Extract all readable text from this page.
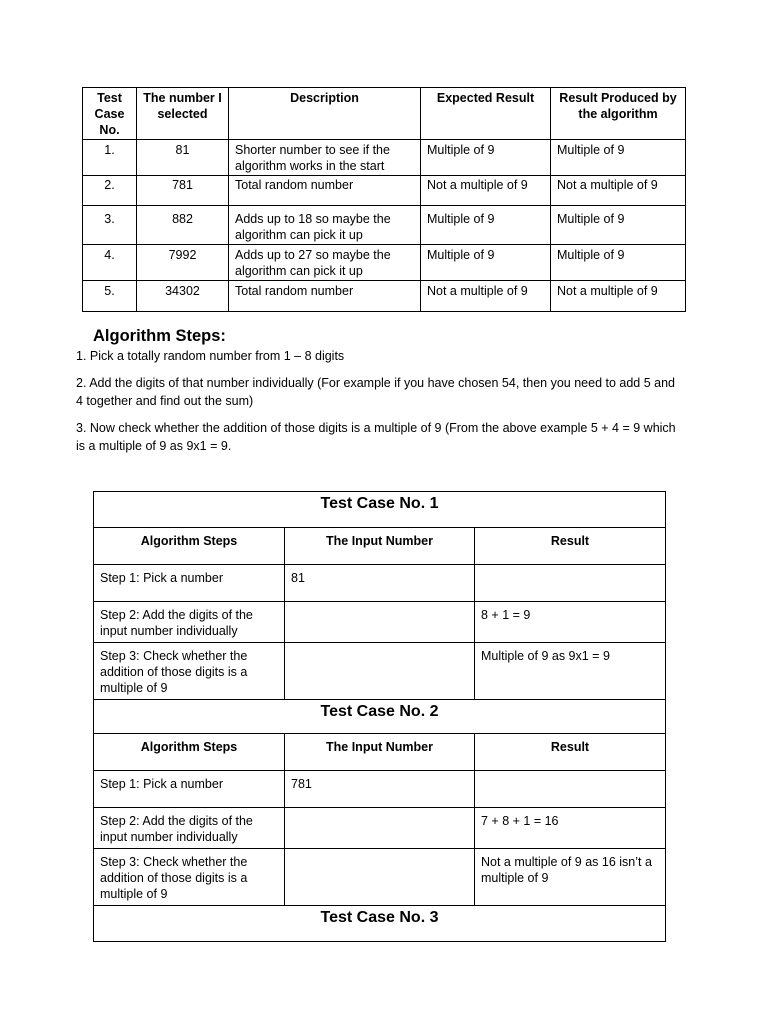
Test Case No.	The number I selected	Description	Expected Result	Result Produced by the algorithm
1.	81	Shorter number to see if the algorithm works in the start	Multiple of 9	Multiple of 9
2.	781	Total random number	Not a multiple of 9	Not a multiple of 9
3.	882	Adds up to 18 so maybe the algorithm can pick it up	Multiple of 9	Multiple of 9
4.	7992	Adds up to 27 so maybe the algorithm can pick it up	Multiple of 9	Multiple of 9
5.	34302	Total random number	Not a multiple of 9	Not a multiple of 9
Algorithm Steps:

1. Pick a totally random number from 1 – 8 digits

2. Add the digits of that number individually (For example if you have chosen 54, then you need to add 5 and 4 together and find out the sum)

3. Now check whether the addition of those digits is a multiple of 9 (From the above example 5 + 4 = 9 which is a multiple of 9 as 9x1 = 9.

Test Case No. 1		
Algorithm Steps	The Input Number	Result
Step 1: Pick a number	81	
Step 2: Add the digits of the input number individually		8 + 1 = 9
Step 3: Check whether the addition of those digits is a multiple of 9		Multiple of 9 as 9x1 = 9
Test Case No. 2		
Algorithm Steps	The Input Number	Result
Step 1: Pick a number	781	
Step 2: Add the digits of the input number individually		7 + 8 + 1 = 16
Step 3: Check whether the addition of those digits is a multiple of 9		Not a multiple of 9 as 16 isn’t a multiple of 9
Test Case No. 3		
